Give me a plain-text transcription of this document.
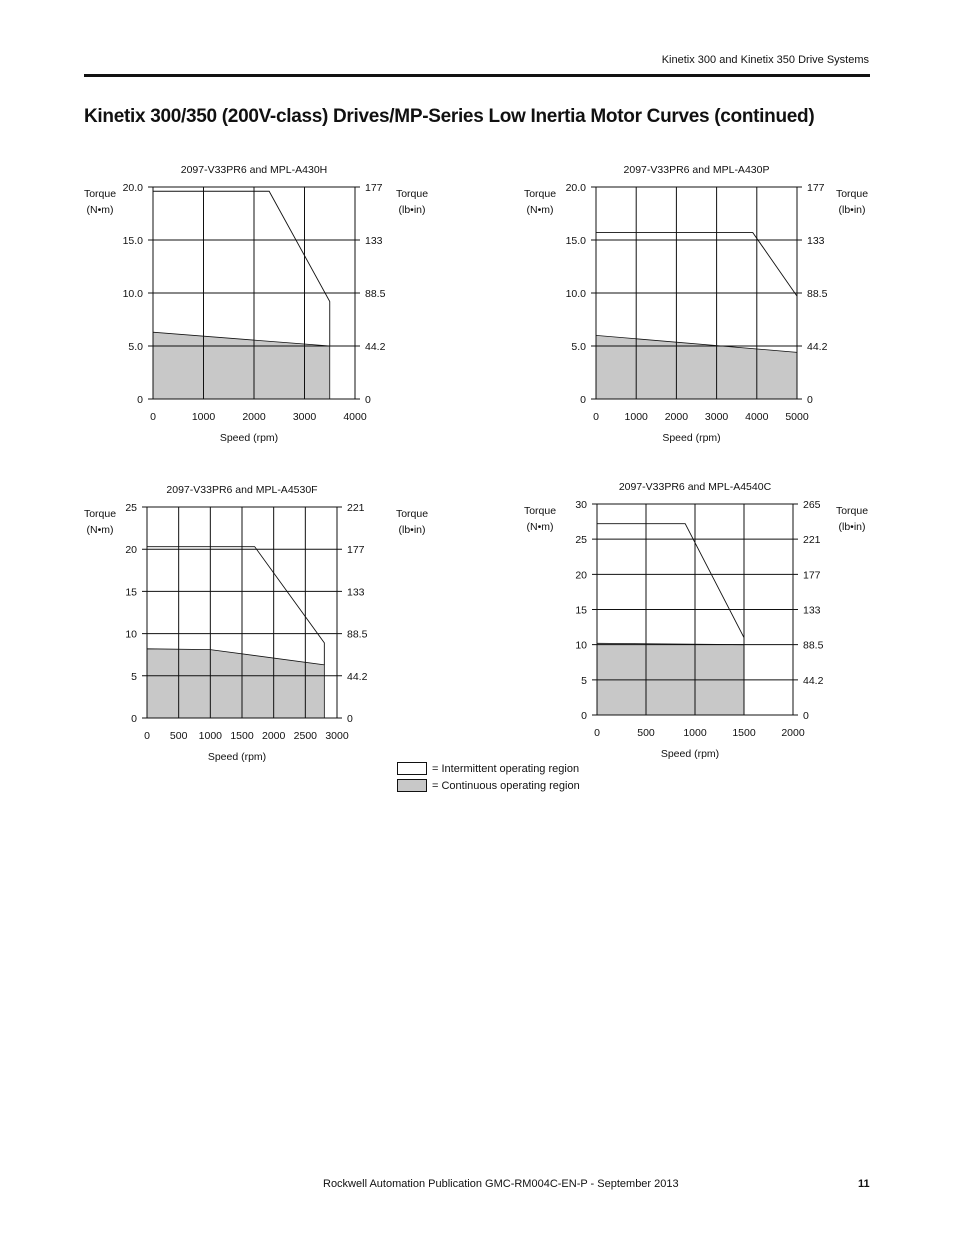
Kinetix 300 and Kinetix 350 Drive Systems
Kinetix 300/350 (200V-class) Drives/MP-Series Low Inertia Motor Curves (continued)
2097-V33PR6 and MPL-A430H
0
5.0
10.0
15.0
20.0
0
44.2
88.5
133
177
0	1000	2000	3000	4000
Speed (rpm)
Torque
(N•m)
Torque
(lb•in)
2097-V33PR6 and MPL-A430P
0
5.0
10.0
15.0
20.0
0
44.2
88.5
133
177
0 1000 2000 3000 4000 5000
Speed (rpm)
Torque
(N•m)
Torque
(lb•in)
2097-V33PR6 and MPL-A4530F
0
5
10
15
20
25
0
44.2
88.5
133
177
221
0 500 1000 1500 2000 2500 3000
Speed (rpm)
Torque
(N•m)
Torque
(lb•in)
2097-V33PR6 and MPL-A4540C
0
5
10
15
20
25
30
0
44.2
88.5
133
177
221
265
0	500	1000 1500 2000
Speed (rpm)
Torque
(N•m)
Torque
(lb•in)
= Intermittent operating region
= Continuous operating region
Rockwell Automation Publication GMC-RM004C-EN-P - September 2013	11
